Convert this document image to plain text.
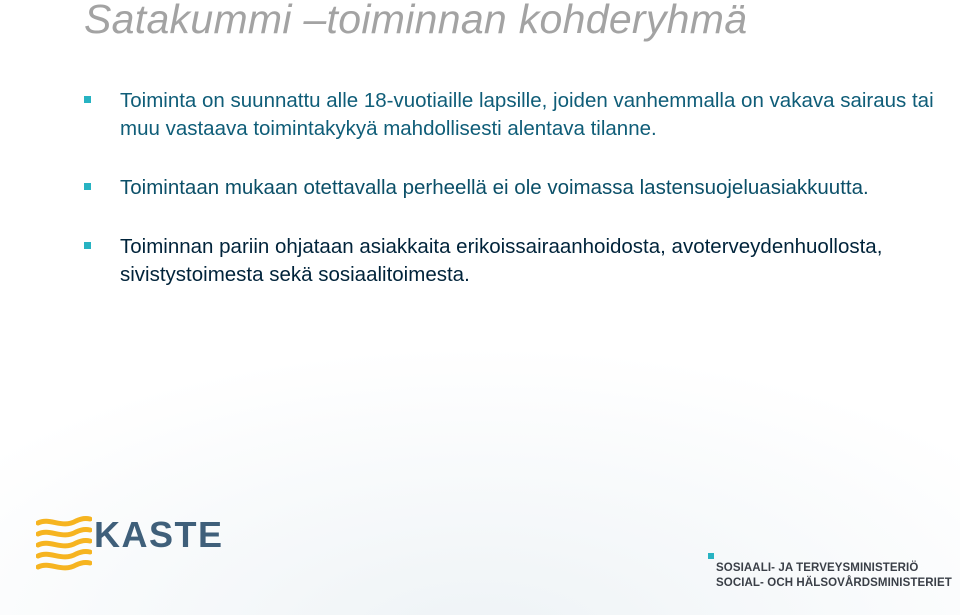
Satakummi –toiminnan kohderyhmä
Toiminta on suunnattu alle 18-vuotiaille lapsille, joiden vanhemmalla on vakava sairaus tai muu vastaava toimintakykyä mahdollisesti alentava tilanne.
Toimintaan mukaan otettavalla perheellä ei ole voimassa lastensuojeluasiakkuutta.
Toiminnan pariin ohjataan asiakkaita erikoissairaanhoidosta, avoterveydenhuollosta, sivistystoimesta sekä sosiaalitoimesta.
KASTE
SOSIAALI- JA TERVEYSMINISTERIÖ
SOCIAL- OCH HÄLSOVÅRDSMINISTERIET
